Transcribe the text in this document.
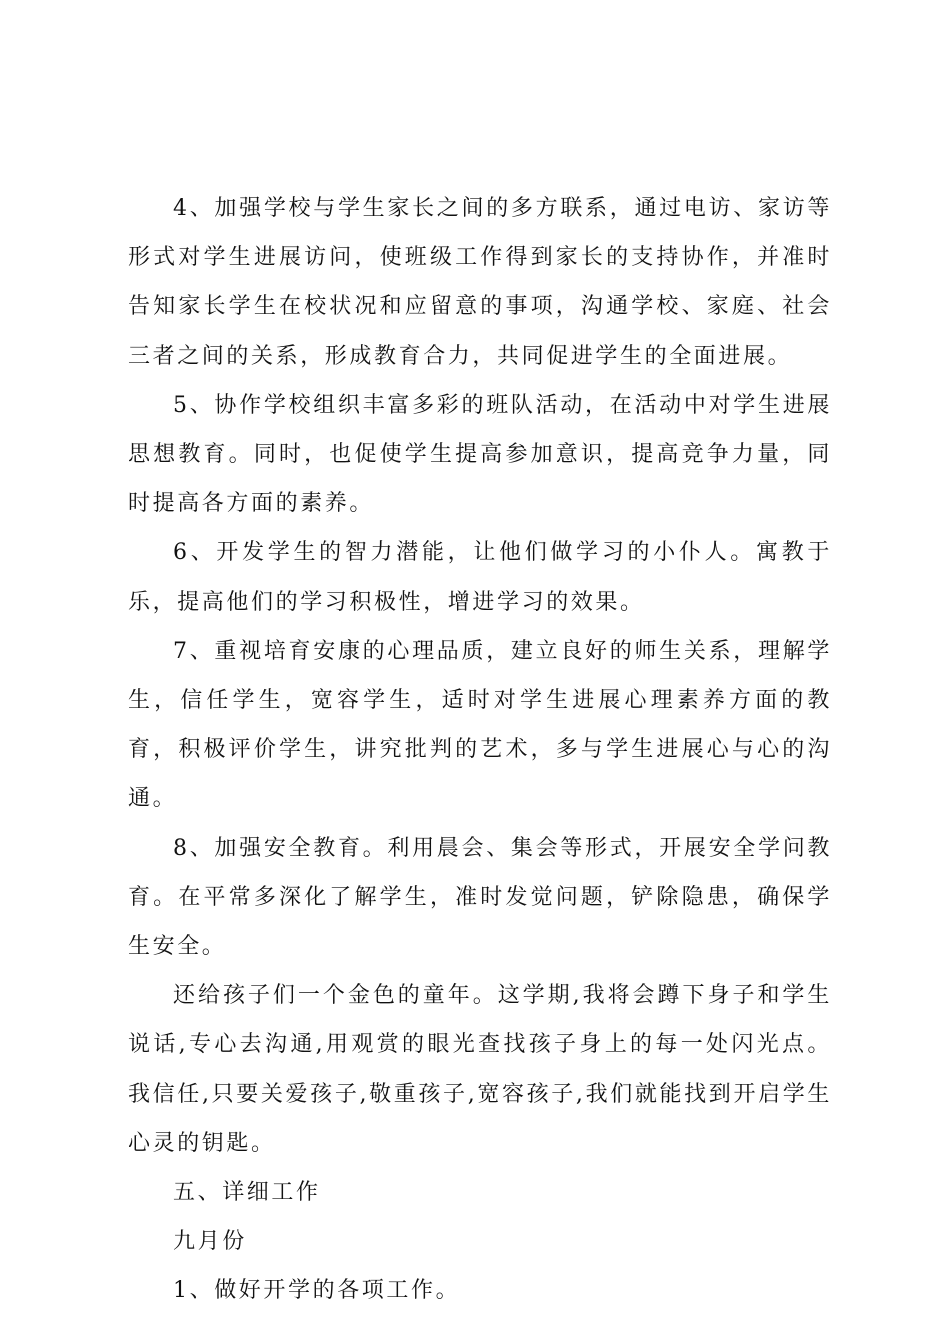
4、加强学校与学生家长之间的多方联系，通过电访、家访等形式对学生进展访问，使班级工作得到家长的支持协作，并准时告知家长学生在校状况和应留意的事项，沟通学校、家庭、社会三者之间的关系，形成教育合力，共同促进学生的全面进展。

5、协作学校组织丰富多彩的班队活动，在活动中对学生进展思想教育。同时，也促使学生提高参加意识，提高竞争力量，同时提高各方面的素养。

6、开发学生的智力潜能，让他们做学习的小仆人。寓教于乐，提高他们的学习积极性，增进学习的效果。

7、重视培育安康的心理品质，建立良好的师生关系，理解学生，信任学生，宽容学生，适时对学生进展心理素养方面的教育，积极评价学生，讲究批判的艺术，多与学生进展心与心的沟通。

8、加强安全教育。利用晨会、集会等形式，开展安全学问教育。在平常多深化了解学生，准时发觉问题，铲除隐患，确保学生安全。

还给孩子们一个金色的童年。这学期,我将会蹲下身子和学生说话,专心去沟通,用观赏的眼光查找孩子身上的每一处闪光点。我信任,只要关爱孩子,敬重孩子,宽容孩子,我们就能找到开启学生心灵的钥匙。

五、详细工作

九月份

1、做好开学的各项工作。
